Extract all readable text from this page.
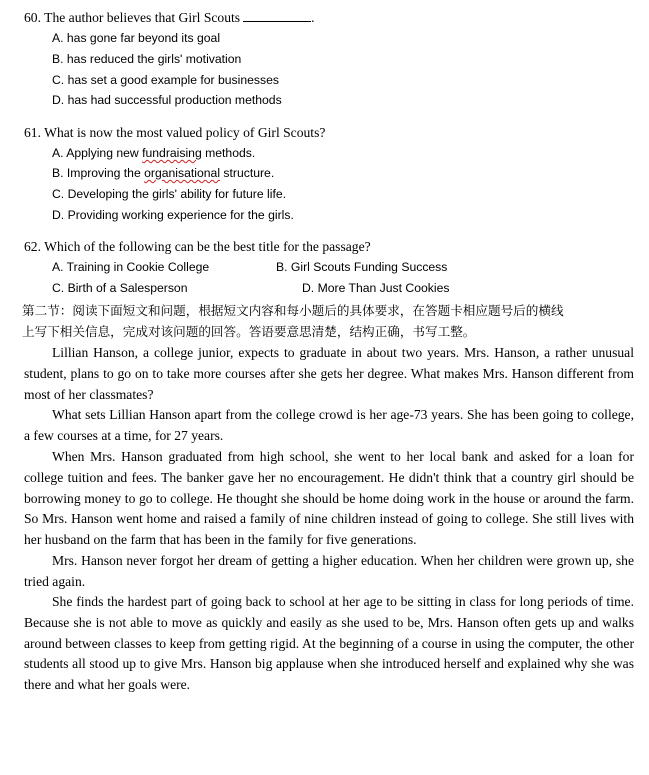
60. The author believes that Girl Scouts	.
A. has gone far beyond its goal
B. has reduced the girls' motivation
C. has set a good example for businesses
D. has had successful production methods
61. What is now the most valued policy of Girl Scouts?
A. Applying new fundraising methods.
B. Improving the organisational structure.
C. Developing the girls' ability for future life.
D. Providing working experience for the girls.
62. Which of the following can be the best title for the passage?
A. Training in Cookie College	B. Girl Scouts Funding Success
C. Birth of a Salesperson	D. More Than Just Cookies
第二节：阅读下面短文和问题，根据短文内容和每小题后的具体要求，在答题卡相应题号后的横线
上写下相关信息，完成对该问题的回答。答语要意思清楚，结构正确，书写工整。
Lillian Hanson, a college junior, expects to graduate in about two years. Mrs. Hanson, a rather unusual student, plans to go on to take more courses after she gets her degree. What makes Mrs. Hanson different from most of her classmates?
What sets Lillian Hanson apart from the college crowd is her age-73 years. She has been going to college, a few courses at a time, for 27 years.
When Mrs. Hanson graduated from high school, she went to her local bank and asked for a loan for college tuition and fees. The banker gave her no encouragement. He didn't think that a country girl should be borrowing money to go to college. He thought she should be home doing work in the house or around the farm. So Mrs. Hanson went home and raised a family of nine children instead of going to college. She still lives with her husband on the farm that has been in the family for five generations.
Mrs. Hanson never forgot her dream of getting a higher education. When her children were grown up, she tried again.
She finds the hardest part of going back to school at her age to be sitting in class for long periods of time. Because she is not able to move as quickly and easily as she used to be, Mrs. Hanson often gets up and walks around between classes to keep from getting rigid. At the beginning of a course in using the computer, the other students all stood up to give Mrs. Hanson big applause when she introduced herself and explained why she was there and what her goals were.
